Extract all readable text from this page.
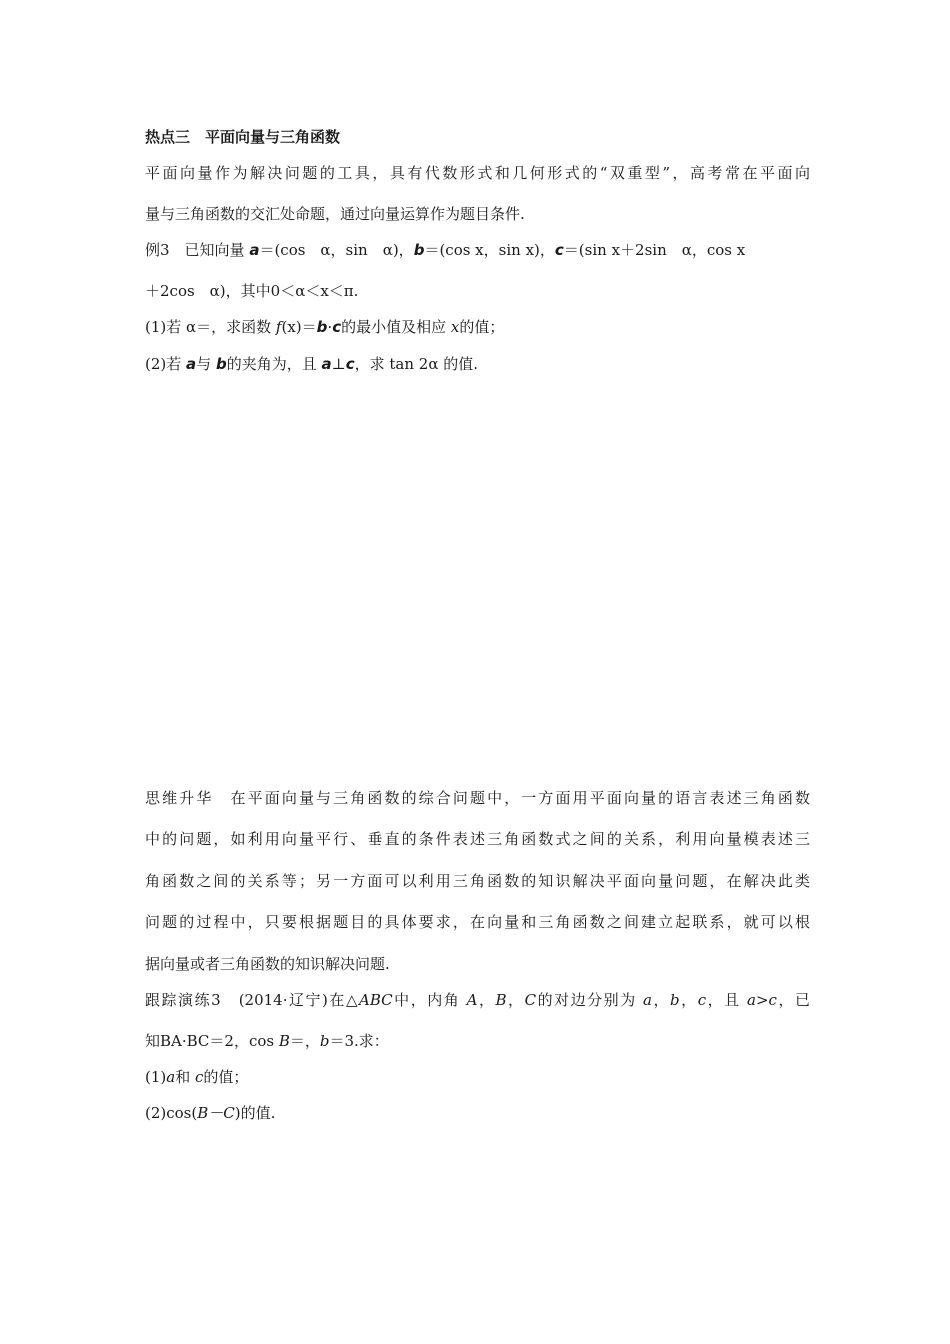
热点三　平面向量与三角函数
平面向量作为解决问题的工具，具有代数形式和几何形式的“双重型”，高考常在平面向
量与三角函数的交汇处命题，通过向量运算作为题目条件.
例3　已知向量 a＝(cos　α，sin　α)，b＝(cos x，sin x)，c＝(sin x＋2sin　α，cos x
＋2cos　α)，其中0＜α＜x＜π.
(1)若 α＝，求函数 f(x)＝b·c的最小值及相应 x的值；
(2)若 a与 b的夹角为，且 a⊥c，求 tan 2α 的值.
思维升华　在平面向量与三角函数的综合问题中，一方面用平面向量的语言表述三角函数
中的问题，如利用向量平行、垂直的条件表述三角函数式之间的关系，利用向量模表述三
角函数之间的关系等；另一方面可以利用三角函数的知识解决平面向量问题，在解决此类
问题的过程中，只要根据题目的具体要求，在向量和三角函数之间建立起联系，就可以根
据向量或者三角函数的知识解决问题.
跟踪演练3　(2014·辽宁)在△ABC中，内角 A，B，C的对边分别为 a，b，c，且 a>c，已
知BA·BC＝2，cos B＝，b＝3.求：
(1)a和 c的值；
(2)cos(B－C)的值.
